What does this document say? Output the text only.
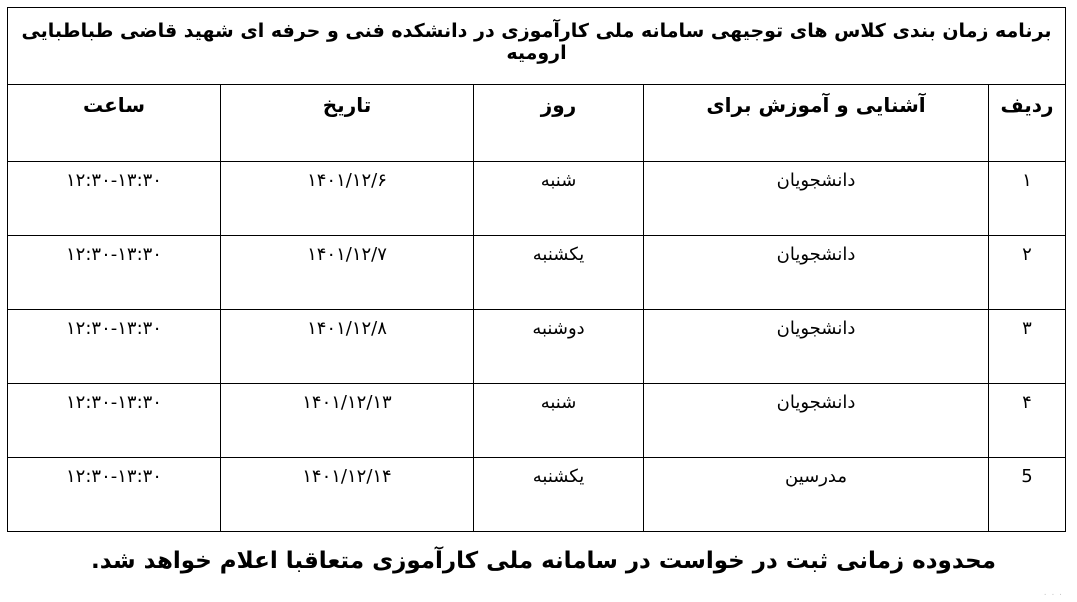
برنامه زمان بندی کلاس های توجیهی سامانه ملی کارآموزی در دانشکده فنی و حرفه ای شهید قاضی طباطبایی ارومیه				
ردیف	آشنایی و آموزش برای	روز	تاریخ	ساعت
۱	دانشجویان	شنبه	۱۴۰۱/۱۲/۶	۱۲:۳۰-۱۳:۳۰
۲	دانشجویان	یکشنبه	۱۴۰۱/۱۲/۷	۱۲:۳۰-۱۳:۳۰
۳	دانشجویان	دوشنبه	۱۴۰۱/۱۲/۸	۱۲:۳۰-۱۳:۳۰
۴	دانشجویان	شنبه	۱۴۰۱/۱۲/۱۳	۱۲:۳۰-۱۳:۳۰
5	مدرسین	یکشنبه	۱۴۰۱/۱۲/۱۴	۱۲:۳۰-۱۳:۳۰
محدوده زمانی ثبت در خواست در سامانه ملی کارآموزی متعاقبا اعلام خواهد شد.
۰ ۰ ۰
